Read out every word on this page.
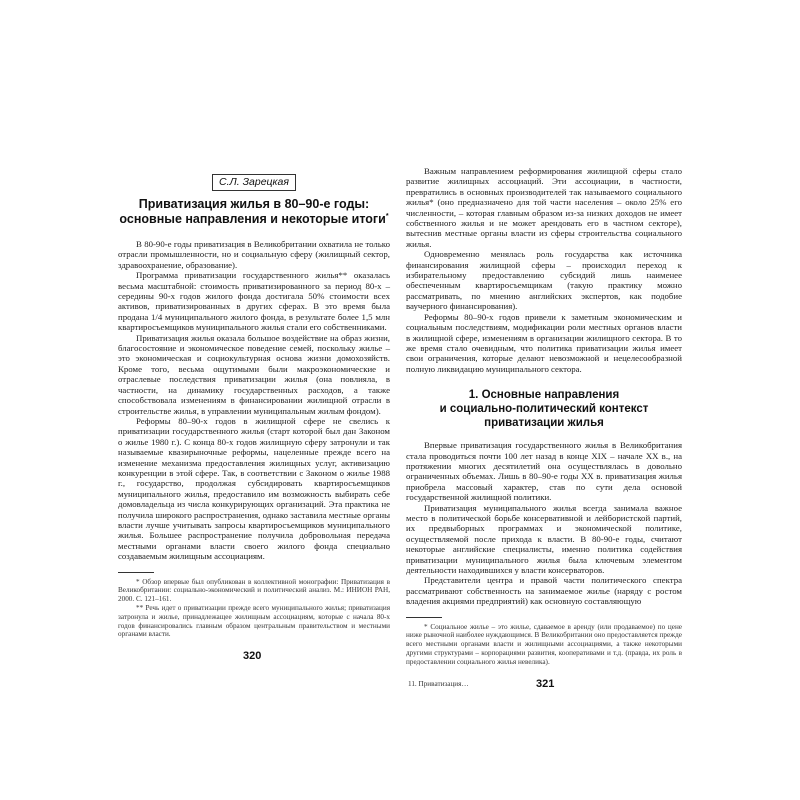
С.Л. Зарецкая
Приватизация жилья в 80–90-е годы:
основные направления и некоторые итоги*

В 80-90-е годы приватизация в Великобритании охватила не только отрасли промышленности, но и социальную сферу (жилищный сектор, здравоохранение, образование).

Программа приватизации государственного жилья** оказалась весьма масштабной: стоимость приватизированного за период 80-х – середины 90-х годов жилого фонда достигала 50% стоимости всех активов, приватизированных в других сферах. В это время была продана 1/4 муниципального жилого фонда, в результате более 1,5 млн квартиросъемщиков муниципального жилья стали его собственниками.

Приватизация жилья оказала большое воздействие на образ жизни, благосостояние и экономическое поведение семей, поскольку жилье – это экономическая и социокультурная основа жизни домохозяйств. Кроме того, весьма ощутимыми были макроэкономические и отраслевые последствия приватизации жилья (она повлияла, в частности, на динамику государственных расходов, а также способствовала изменениям в финансировании жилищной отрасли в строительстве жилья, в управлении муниципальным жилым фондом).

Реформы 80–90-х годов в жилищной сфере не свелись к приватизации государственного жилья (старт которой был дан Законом о жилье 1980 г.). С конца 80-х годов жилищную сферу затронули и так называемые квазирыночные реформы, нацеленные прежде всего на изменение механизма предоставления жилищных услуг, активизацию конкуренции в этой сфере. Так, в соответствии с Законом о жилье 1988 г., государство, продолжая субсидировать квартиросъемщиков муниципального жилья, предоставило им возможность выбирать себе домовладельца из числа конкурирующих организаций. Эта практика не получила широкого распространения, однако заставила местные органы власти лучше учитывать запросы квартиросъемщиков муниципального жилья. Большее распространение получила добровольная передача местными органами власти своего жилого фонда специально создаваемым жилищным ассоциациям.

* Обзор впервые был опубликован в коллективной монографии: Приватизация в Великобритании: социально-экономический и политический анализ. М.: ИНИОН РАН, 2000. С. 121–161.

** Речь идет о приватизации прежде всего муниципального жилья; приватизация затронула и жилье, принадлежащее жилищным ассоциациям, которые с начала 80-х годов финансировались главным образом центральным правительством и местными органами власти.

320

Важным направлением реформирования жилищной сферы стало развитие жилищных ассоциаций. Эти ассоциации, в частности, превратились в основных производителей так называемого социального жилья* (оно предназначено для той части населения – около 25% его численности, – которая главным образом из-за низких доходов не имеет собственного жилья и не может арендовать его в частном секторе), вытеснив местные органы власти из сферы строительства социального жилья.

Одновременно менялась роль государства как источника финансирования жилищной сферы – происходил переход к избирательному предоставлению субсидий лишь наименее обеспеченным квартиросъемщикам (такую практику можно рассматривать, по мнению английских экспертов, как подобие ваучерного финансирования).

Реформы 80–90-х годов привели к заметным экономическим и социальным последствиям, модификации роли местных органов власти в жилищной сфере, изменениям в организации жилищного сектора. В то же время стало очевидным, что политика приватизации жилья имеет свои ограничения, которые делают невозможной и нецелесообразной полную ликвидацию муниципального сектора.

1. Основные направления
и социально-политический контекст
приватизации жилья

Впервые приватизация государственного жилья в Великобритания стала проводиться почти 100 лет назад в конце XIX – начале XX в., на протяжении многих десятилетий она осуществлялась в довольно ограниченных объемах. Лишь в 80–90-е годы XX в. приватизация жилья приобрела массовый характер, став по сути дела основой государственной жилищной политики.

Приватизация муниципального жилья всегда занимала важное место в политической борьбе консервативной и лейбористской партий, их предвыборных программах и экономической политике, осуществляемой после прихода к власти. В 80-90-е годы, считают некоторые английские специалисты, именно политика содействия приватизации муниципального жилья была ключевым элементом деятельности находившихся у власти консерваторов.

Представители центра и правой части политического спектра рассматривают собственность на занимаемое жилье (наряду с ростом владения акциями предприятий) как основную составляющую

* Социальное жилье – это жилье, сдаваемое в аренду (или продаваемое) по цене ниже рыночной наиболее нуждающимся. В Великобритании оно предоставляется прежде всего местными органами власти и жилищными ассоциациями, а также некоторыми другими структурами – корпорациями развития, кооперативами и т.д. (правда, их роль в предоставлении социального жилья невелика).

11. Приватизация…	321
